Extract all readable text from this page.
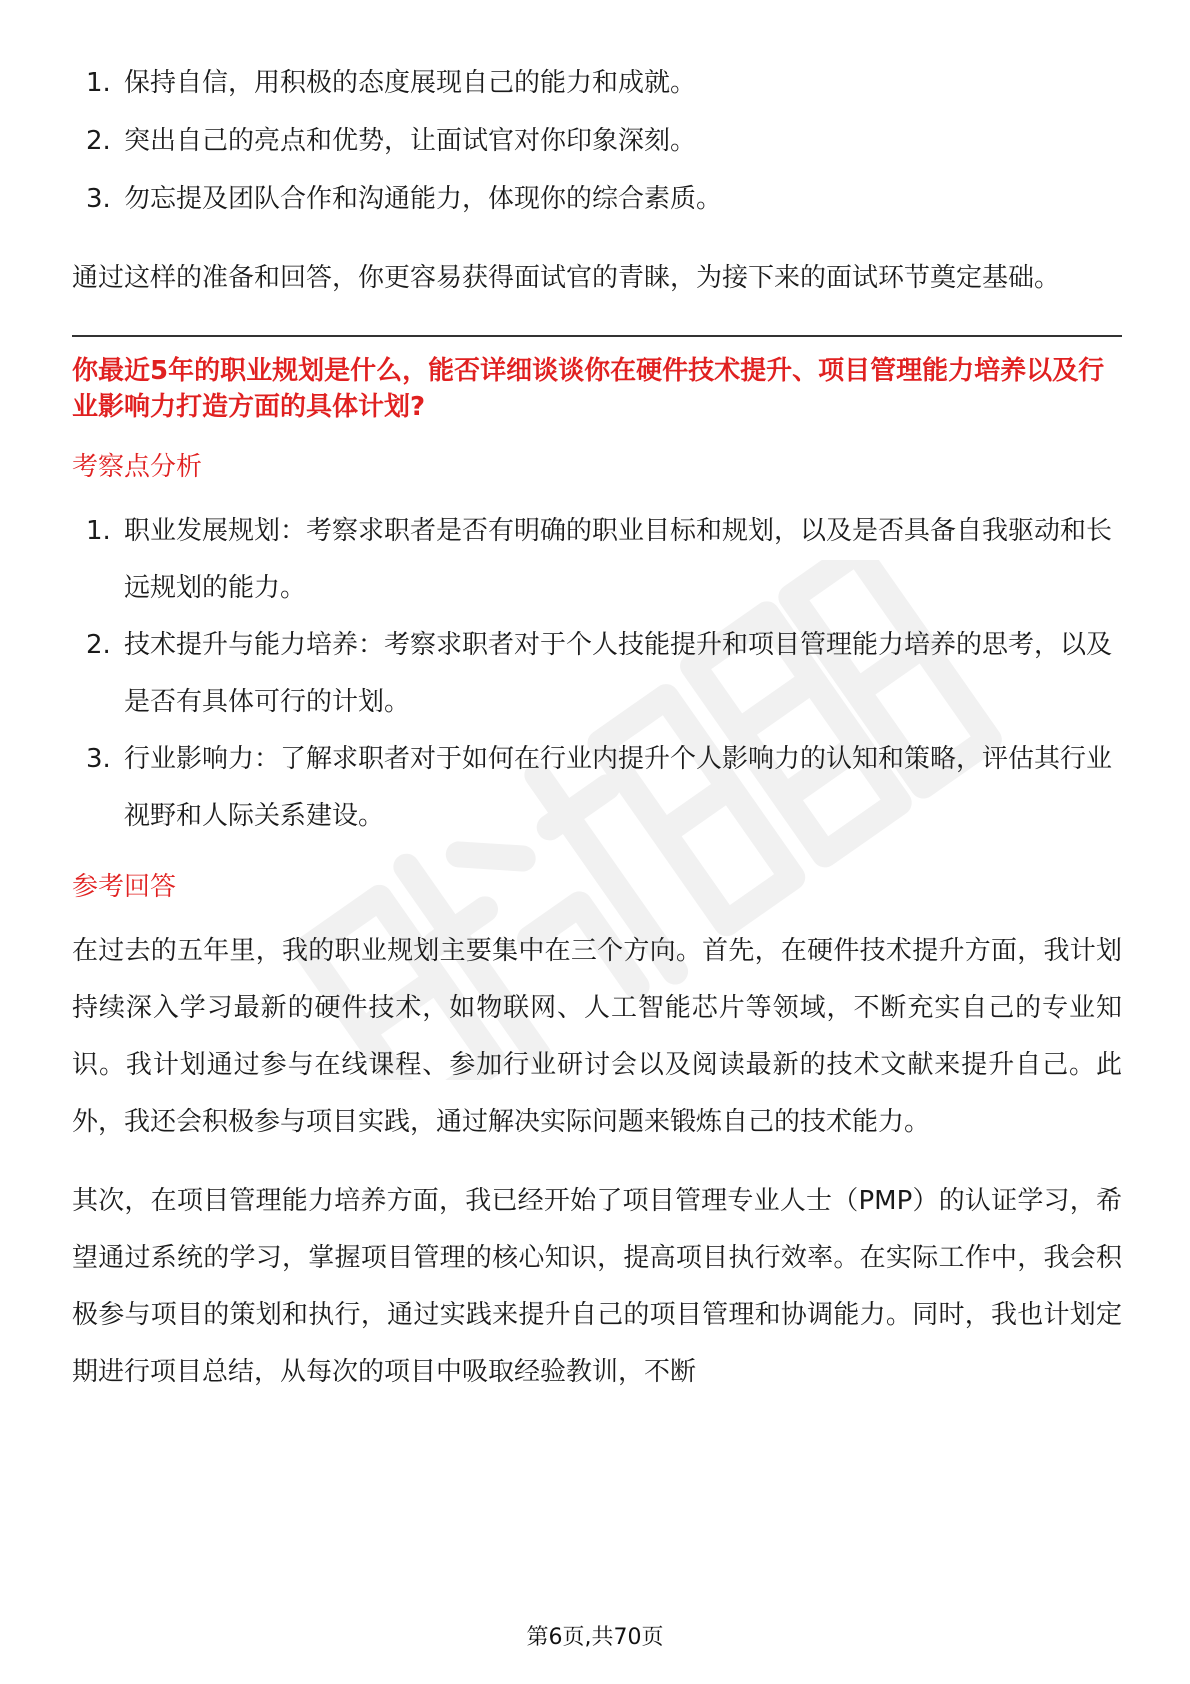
1. 保持自信，用积极的态度展现自己的能力和成就。
2. 突出自己的亮点和优势，让面试官对你印象深刻。
3. 勿忘提及团队合作和沟通能力，体现你的综合素质。

通过这样的准备和回答，你更容易获得面试官的青睐，为接下来的面试环节奠定基础。

你最近5年的职业规划是什么，能否详细谈谈你在硬件技术提升、项目管理能力培养以及行业影响力打造方面的具体计划?

考察点分析
1. 职业发展规划：考察求职者是否有明确的职业目标和规划，以及是否具备自我驱动和长远规划的能力。
2. 技术提升与能力培养：考察求职者对于个人技能提升和项目管理能力培养的思考，以及是否有具体可行的计划。
3. 行业影响力：了解求职者对于如何在行业内提升个人影响力的认知和策略，评估其行业视野和人际关系建设。
参考回答

在过去的五年里，我的职业规划主要集中在三个方向。首先，在硬件技术提升方面，我计划持续深入学习最新的硬件技术，如物联网、人工智能芯片等领域，不断充实自己的专业知识。我计划通过参与在线课程、参加行业研讨会以及阅读最新的技术文献来提升自己。此外，我还会积极参与项目实践，通过解决实际问题来锻炼自己的技术能力。

其次，在项目管理能力培养方面，我已经开始了项目管理专业人士（PMP）的认证学习，希望通过系统的学习，掌握项目管理的核心知识，提高项目执行效率。在实际工作中，我会积极参与项目的策划和执行，通过实践来提升自己的项目管理和协调能力。同时，我也计划定期进行项目总结，从每次的项目中吸取经验教训，不断

第6页,共70页
